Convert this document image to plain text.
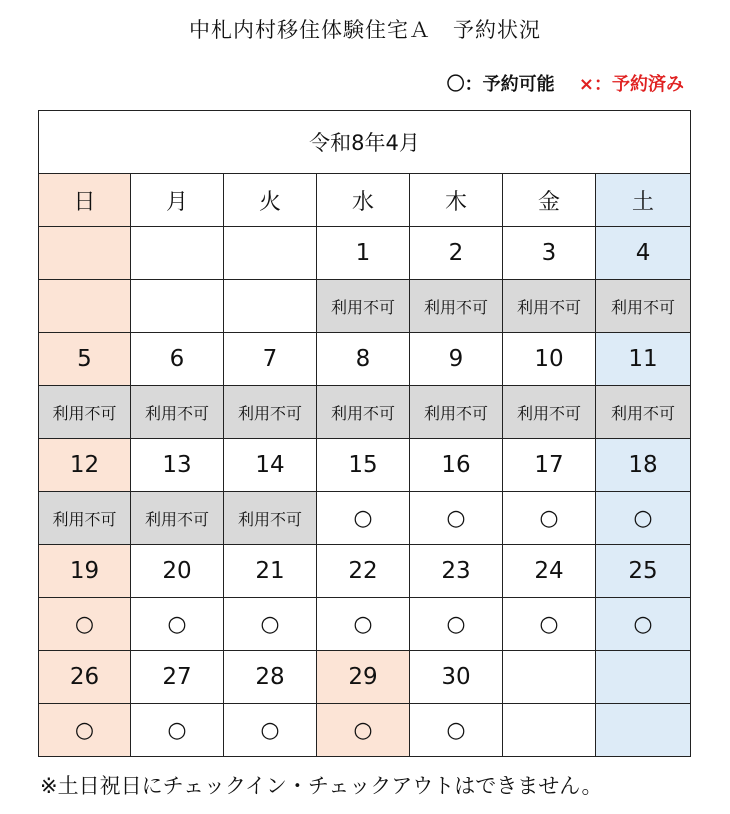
中札内村移住体験住宅Ａ　予約状況
〇：予約可能 ×：予約済み
令和8年4月						
日	月	火	水	木	金	土
			1	2	3	4
			利用不可	利用不可	利用不可	利用不可
5	6	7	8	9	10	11
利用不可	利用不可	利用不可	利用不可	利用不可	利用不可	利用不可
12	13	14	15	16	17	18
利用不可	利用不可	利用不可	○	○	○	○
19	20	21	22	23	24	25
○	○	○	○	○	○	○
26	27	28	29	30		
○	○	○	○	○		
※土日祝日にチェックイン・チェックアウトはできません。
